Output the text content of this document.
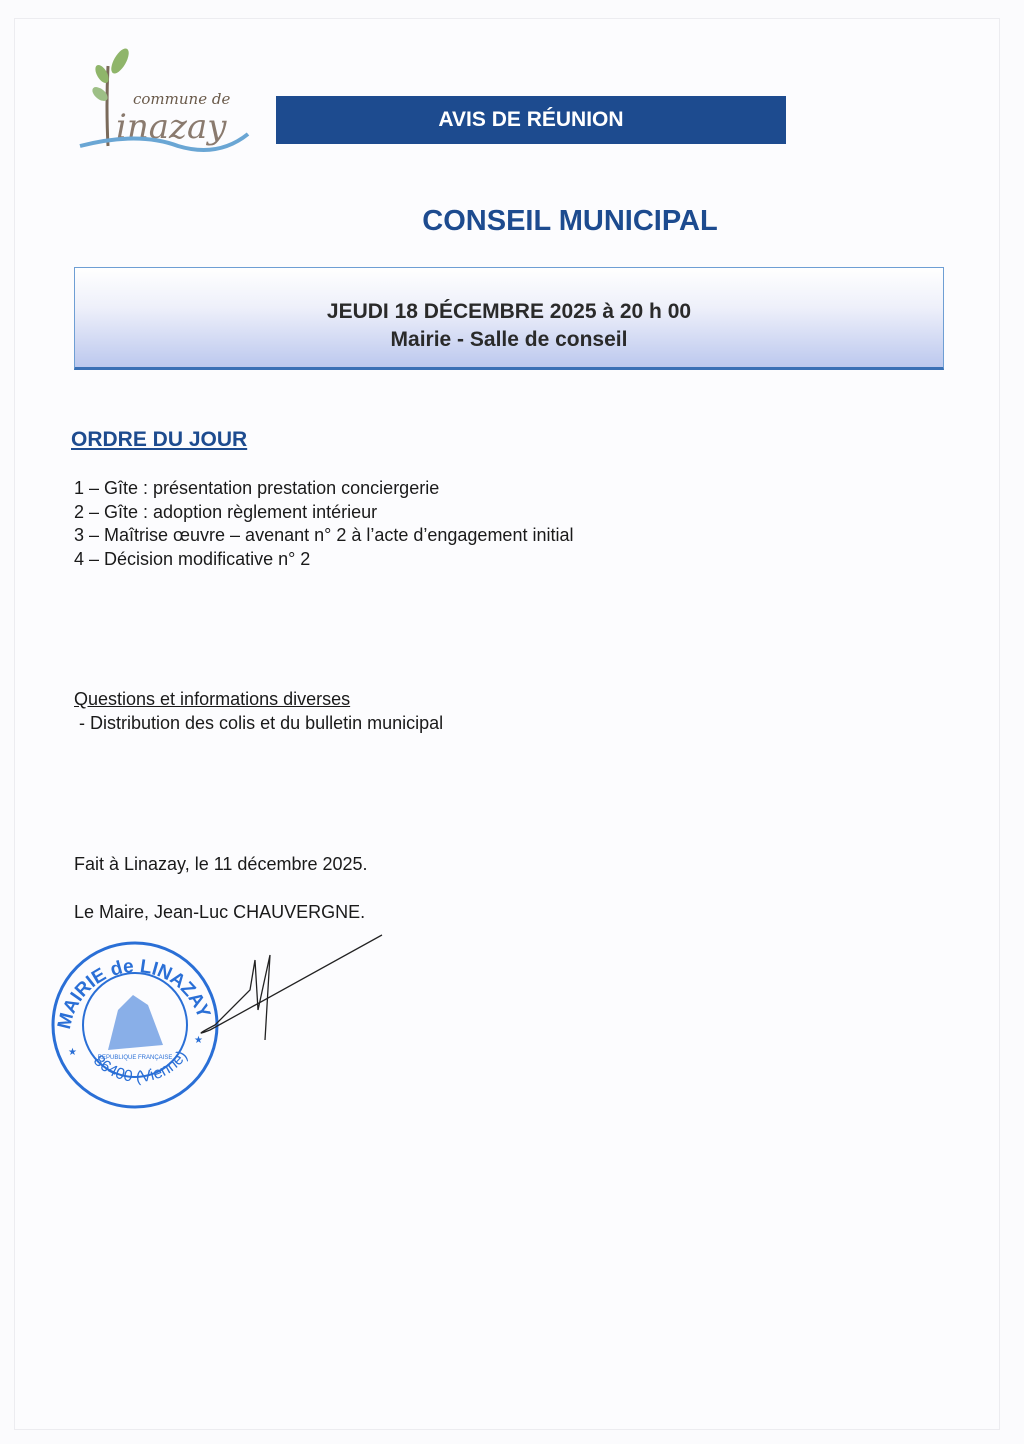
commune de
inazay	AVIS DE RÉUNION
CONSEIL MUNICIPAL
JEUDI 18 DÉCEMBRE 2025 à 20 h 00
Mairie - Salle de conseil
ORDRE DU JOUR
1 – Gîte : présentation prestation conciergerie
2 – Gîte : adoption règlement intérieur
3 – Maîtrise œuvre – avenant n° 2 à l’acte d’engagement initial
4 – Décision modificative n° 2
Questions et informations diverses
- Distribution des colis et du bulletin municipal
Fait à Linazay, le 11 décembre 2025.
Le Maire, Jean-Luc CHAUVERGNE.
MAIRIE de LINAZAY
86400 (Vienne)
REPUBLIQUE FRANÇAISE
★
★
